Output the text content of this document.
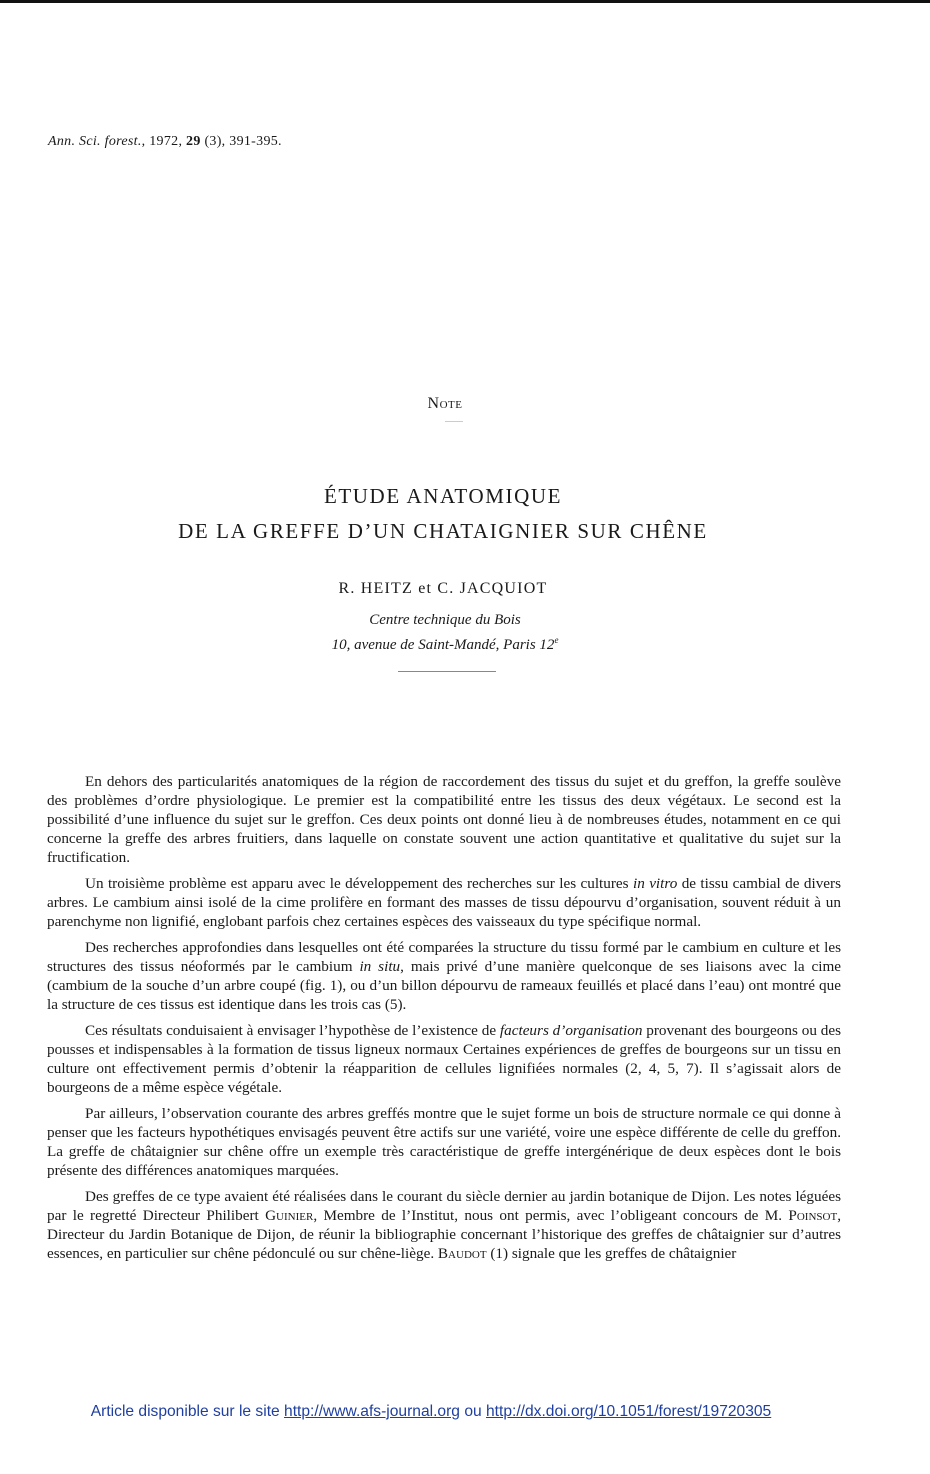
Ann. Sci. forest., 1972, 29 (3), 391-395.
Note
ÉTUDE ANATOMIQUE
DE LA GREFFE D’UN CHATAIGNIER SUR CHÊNE
R. HEITZ et C. JACQUIOT
Centre technique du Bois
10, avenue de Saint-Mandé, Paris 12e

En dehors des particularités anatomiques de la région de raccordement des tissus du sujet et du greffon, la greffe soulève des problèmes d’ordre physiologique. Le premier est la compatibilité entre les tissus des deux végétaux. Le second est la possibilité d’une influence du sujet sur le greffon. Ces deux points ont donné lieu à de nombreuses études, notamment en ce qui concerne la greffe des arbres fruitiers, dans laquelle on constate souvent une action quantitative et qualitative du sujet sur la fructification.

Un troisième problème est apparu avec le développement des recherches sur les cultures in vitro de tissu cambial de divers arbres. Le cambium ainsi isolé de la cime prolifère en formant des masses de tissu dépourvu d’organisation, souvent réduit à un parenchyme non lignifié, englobant parfois chez certaines espèces des vaisseaux du type spécifique normal.

Des recherches approfondies dans lesquelles ont été comparées la structure du tissu formé par le cambium en culture et les structures des tissus néoformés par le cambium in situ, mais privé d’une manière quelconque de ses liaisons avec la cime (cambium de la souche d’un arbre coupé (fig. 1), ou d’un billon dépourvu de rameaux feuillés et placé dans l’eau) ont montré que la structure de ces tissus est identique dans les trois cas (5).

Ces résultats conduisaient à envisager l’hypothèse de l’existence de facteurs d’organisation provenant des bourgeons ou des pousses et indispensables à la formation de tissus ligneux normaux Certaines expériences de greffes de bourgeons sur un tissu en culture ont effectivement permis d’obtenir la réapparition de cellules lignifiées normales (2, 4, 5, 7). Il s’agissait alors de bourgeons de a même espèce végétale.

Par ailleurs, l’observation courante des arbres greffés montre que le sujet forme un bois de structure normale ce qui donne à penser que les facteurs hypothétiques envisagés peuvent être actifs sur une variété, voire une espèce différente de celle du greffon. La greffe de châtaignier sur chêne offre un exemple très caractéristique de greffe intergénérique de deux espèces dont le bois présente des différences anatomiques marquées.

Des greffes de ce type avaient été réalisées dans le courant du siècle dernier au jardin botanique de Dijon. Les notes léguées par le regretté Directeur Philibert Guinier, Membre de l’Institut, nous ont permis, avec l’obligeant concours de M. Poinsot, Directeur du Jardin Botanique de Dijon, de réunir la bibliographie concernant l’historique des greffes de châtaignier sur d’autres essences, en particulier sur chêne pédonculé ou sur chêne-liège. Baudot (1) signale que les greffes de châtaignier

Article disponible sur le site http://www.afs-journal.org ou http://dx.doi.org/10.1051/forest/19720305
